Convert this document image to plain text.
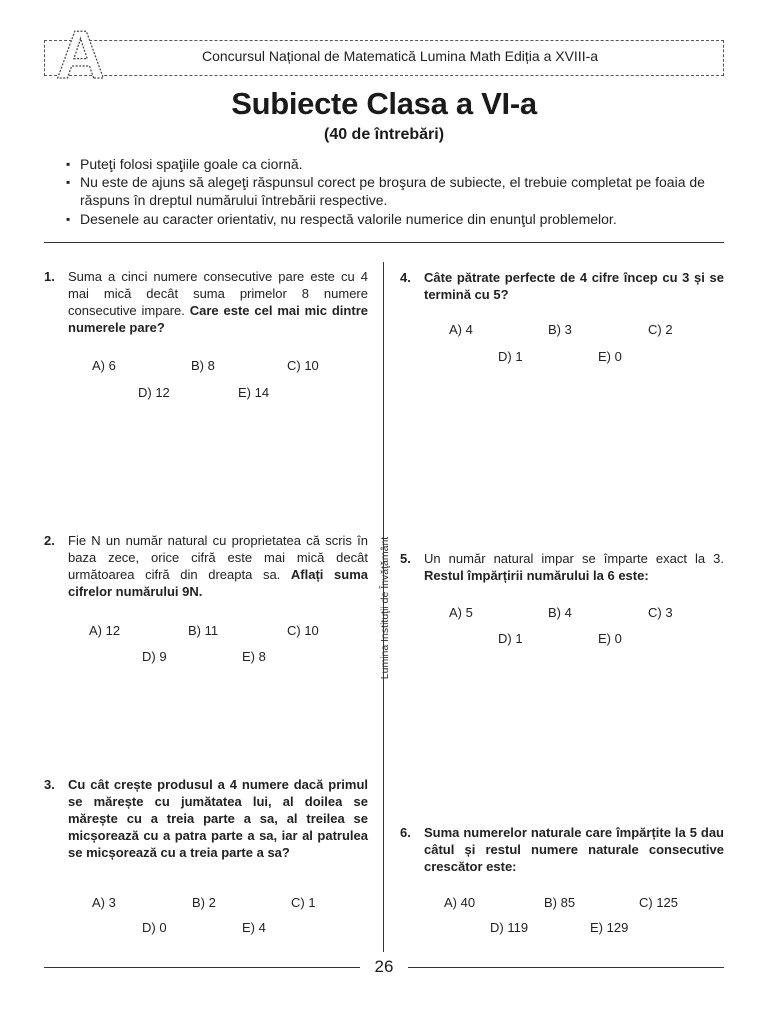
A	Concursul Național de Matematică Lumina Math Ediția a XVIII-a
Subiecte Clasa a VI-a
(40 de întrebări)
▪ Puteţi folosi spaţiile goale ca ciornă.
▪ Nu este de ajuns să alegeţi răspunsul corect pe broşura de subiecte, el trebuie completat pe foaia de răspuns în dreptul numărului întrebării respective.
▪ Desenele au caracter orientativ, nu respectă valorile numerice din enunţul problemelor.
Lumina Instituţii de Învăţământ
1. Suma a cinci numere consecutive pare este cu 4 mai mică decât suma primelor 8 numere consecutive impare. Care este cel mai mic dintre numerele pare?
A) 6	B) 8	C) 10
D) 12	E) 14
2. Fie N un număr natural cu proprietatea că scris în baza zece, orice cifră este mai mică decât următoarea cifră din dreapta sa. Aflați suma cifrelor numărului 9N.
A) 12	B) 11	C) 10
D) 9	E) 8
3. Cu cât crește produsul a 4 numere dacă primul se mărește cu jumătatea lui, al doilea se mărește cu a treia parte a sa, al treilea se micșorează cu a patra parte a sa, iar al patrulea se micșorează cu a treia parte a sa?
A) 3	B) 2	C) 1
D) 0	E) 4
4. Câte pătrate perfecte de 4 cifre încep cu 3 și se termină cu 5?
A) 4	B) 3	C) 2
D) 1	E) 0
5. Un număr natural impar se împarte exact la 3. Restul împărțirii numărului la 6 este:
A) 5	B) 4	C) 3
D) 1	E) 0
6. Suma numerelor naturale care împărțite la 5 dau câtul și restul numere naturale consecutive crescător este:
A) 40	B) 85	C) 125
D) 119	E) 129
26
